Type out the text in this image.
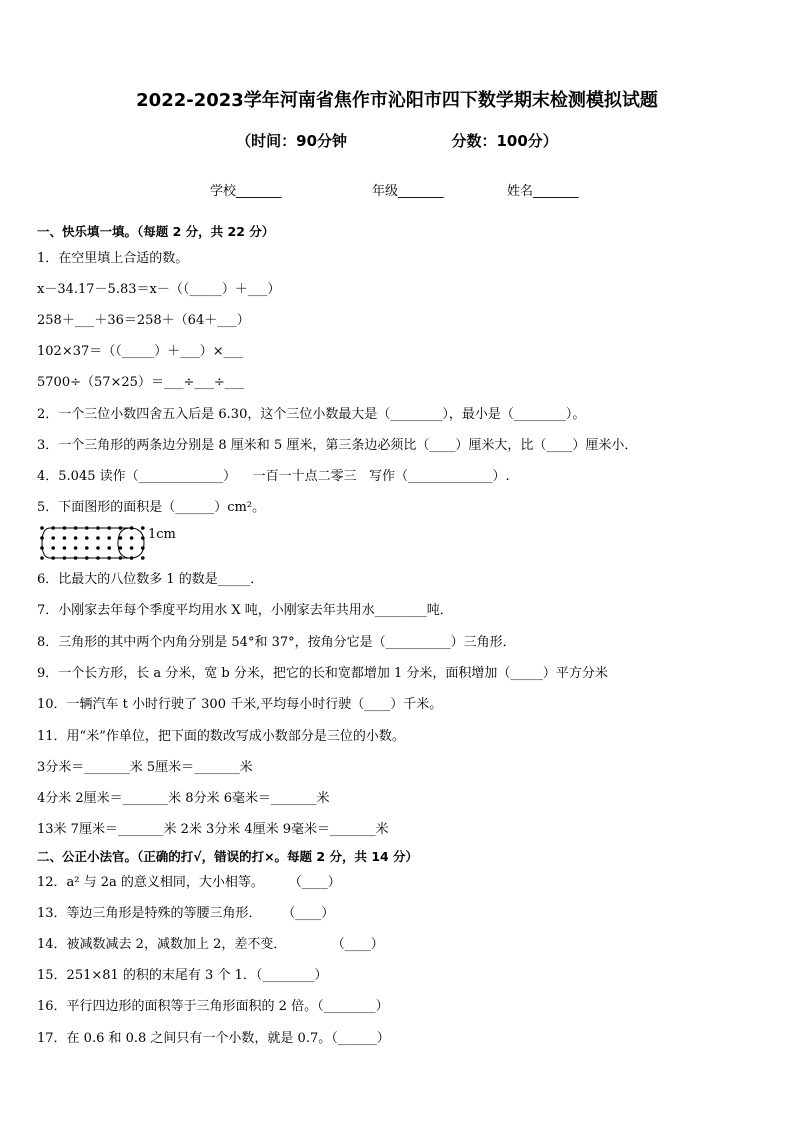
2022-2023学年河南省焦作市沁阳市四下数学期末检测模拟试题
（时间：90分钟                    分数：100分）
学校_______	年级_______	姓名_______
一、快乐填一填。（每题 2 分，共 22 分）
1．在空里填上合适的数。
x－34.17－5.83＝x－（（_____）＋___）
258＋___＋36＝258＋（64＋___）
102×37＝（（_____）＋___）×___
5700÷（57×25）＝___÷___÷___
2．一个三位小数四舍五入后是 6.30，这个三位小数最大是（________），最小是（________）。
3．一个三角形的两条边分别是 8 厘米和 5 厘米，第三条边必须比（____）厘米大，比（____）厘米小．
4．5.045 读作（_____________）    一百一十点二零三   写作（_____________）.
5．下面图形的面积是（______）cm²。
1cm
6．比最大的八位数多 1 的数是_____．
7．小刚家去年每个季度平均用水 X 吨，小刚家去年共用水________吨．
8．三角形的其中两个内角分别是 54°和 37°，按角分它是（__________）三角形．
9．一个长方形，长 a 分米，宽 b 分米，把它的长和宽都增加 1 分米，面积增加（_____）平方分米
10．一辆汽车 t 小时行驶了 300 千米,平均每小时行驶（____）千米。
11．用“米”作单位，把下面的数改写成小数部分是三位的小数。
3分米＝_______米 5厘米＝_______米
4分米 2厘米＝_______米 8分米 6毫米＝_______米
13米 7厘米＝_______米 2米 3分米 4厘米 9毫米＝_______米
二、公正小法官。（正确的打√，错误的打×。每题 2 分，共 14 分）
12．a² 与 2a 的意义相同，大小相等。      （____）
13．等边三角形是特殊的等腰三角形．     （____）
14．被减数减去 2，减数加上 2，差不变．           （____）
15．251×81 的积的末尾有 3 个 1．（________）
16．平行四边形的面积等于三角形面积的 2 倍。（________）
17．在 0.6 和 0.8 之间只有一个小数，就是 0.7。（______）
